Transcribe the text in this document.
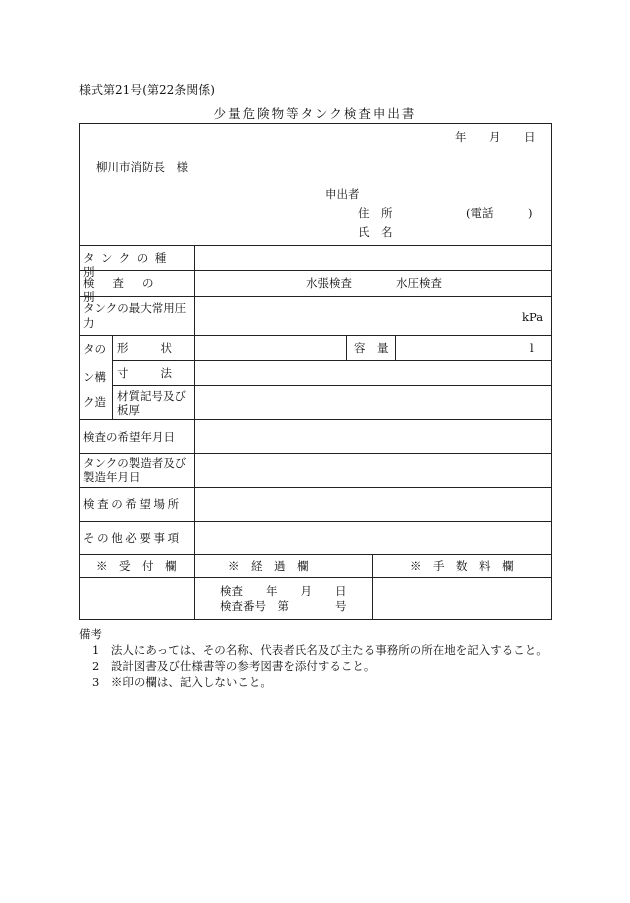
様式第21号(第22条関係)
少量危険物等タンク検査申出書
年 月 日
柳川市消防長　様
申出者
住　所	(電話　　　)
氏　名
タンクの種別
検査の別
水張検査	水圧検査
タンクの最大常用圧力	kPa
タの
ン構
ク造
形　　状	容　量	l
寸　　法
材質記号及び板厚
検査の希望年月日
タンクの製造者及び製造年月日
検査の希望場所
その他必要事項
※　受　付　欄	※　経　過　欄	※　手　数　料　欄
検査　　年　　月　　日
検査番号　第　　　　号
備考
1　法人にあっては、その名称、代表者氏名及び主たる事務所の所在地を記入すること。
2　設計図書及び仕様書等の参考図書を添付すること。
3　※印の欄は、記入しないこと。
